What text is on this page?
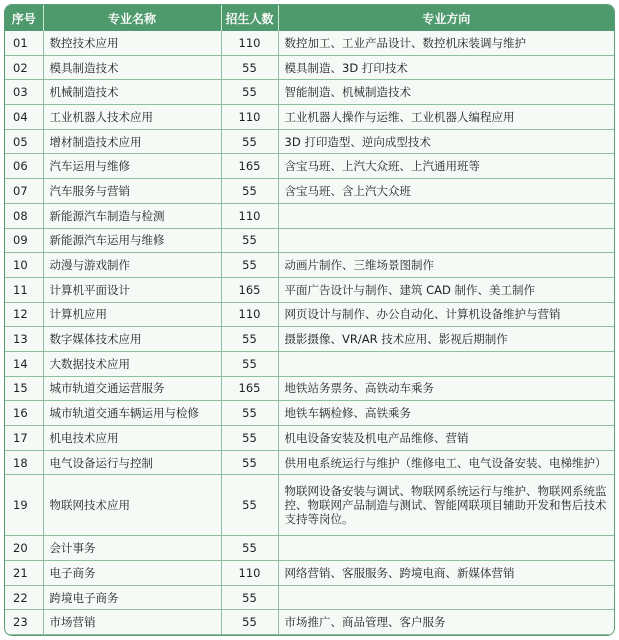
序号	专业名称	招生人数	专业方向
01	数控技术应用	110	数控加工、工业产品设计、数控机床装调与维护
02	模具制造技术	55	模具制造、3D 打印技术
03	机械制造技术	55	智能制造、机械制造技术
04	工业机器人技术应用	110	工业机器人操作与运维、工业机器人编程应用
05	增材制造技术应用	55	3D 打印造型、逆向成型技术
06	汽车运用与维修	165	含宝马班、上汽大众班、上汽通用班等
07	汽车服务与营销	55	含宝马班、含上汽大众班
08	新能源汽车制造与检测	110	
09	新能源汽车运用与维修	55	
10	动漫与游戏制作	55	动画片制作、三维场景图制作
11	计算机平面设计	165	平面广告设计与制作、建筑 CAD 制作、美工制作
12	计算机应用	110	网页设计与制作、办公自动化、计算机设备维护与营销
13	数字媒体技术应用	55	摄影摄像、VR/AR 技术应用、影视后期制作
14	大数据技术应用	55	
15	城市轨道交通运营服务	165	地铁站务票务、高铁动车乘务
16	城市轨道交通车辆运用与检修	55	地铁车辆检修、高铁乘务
17	机电技术应用	55	机电设备安装及机电产品维修、营销
18	电气设备运行与控制	55	供用电系统运行与维护（维修电工、电气设备安装、电梯维护）
19	物联网技术应用	55	物联网设备安装与调试、物联网系统运行与维护、物联网系统监控、物联网产品制造与测试、智能网联项目辅助开发和售后技术支持等岗位。
20	会计事务	55	
21	电子商务	110	网络营销、客服服务、跨境电商、新媒体营销
22	跨境电子商务	55	
23	市场营销	55	市场推广、商品管理、客户服务
